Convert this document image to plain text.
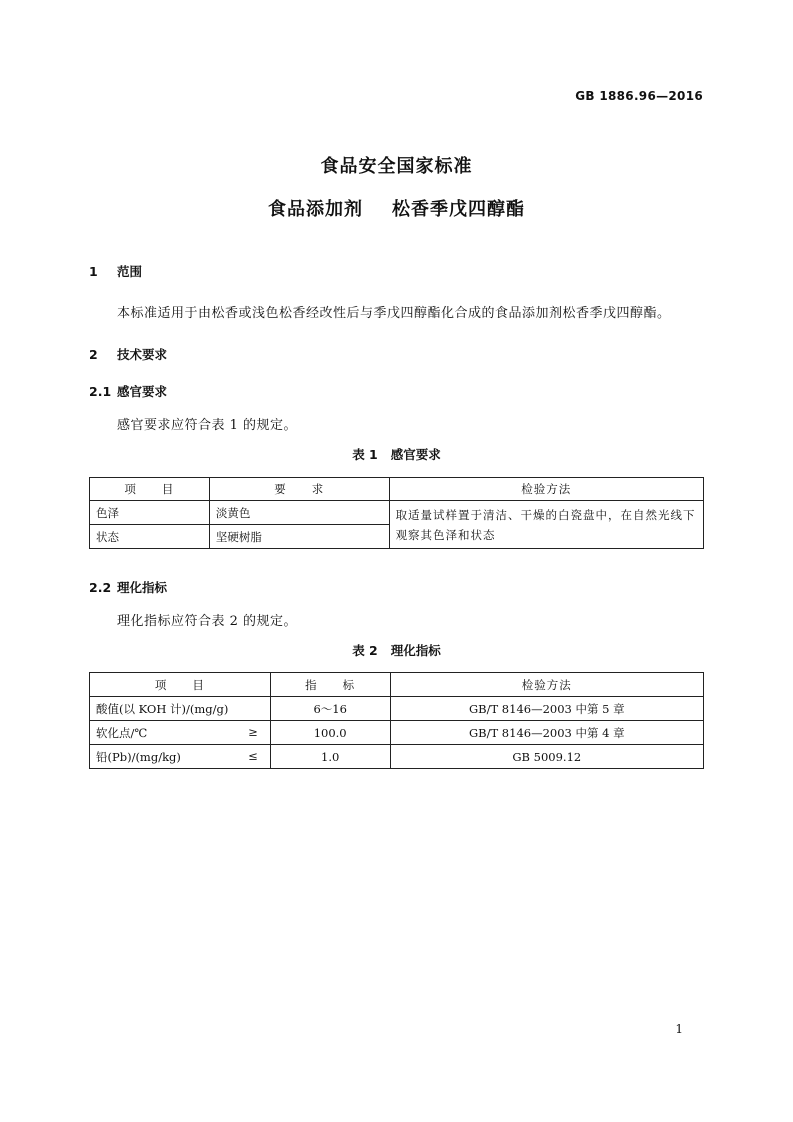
GB 1886.96—2016
食品安全国家标准
食品添加剂    松香季戊四醇酯
1 范围
本标准适用于由松香或浅色松香经改性后与季戊四醇酯化合成的食品添加剂松香季戊四醇酯。
2 技术要求
2.1 感官要求
感官要求应符合表 1 的规定。
表 1   感官要求
项　　目	要　　求	检验方法
色泽	淡黄色	取适量试样置于清洁、干燥的白瓷盘中，在自然光线下观察其色泽和状态
状态	坚硬树脂	
2.2 理化指标
理化指标应符合表 2 的规定。
表 2   理化指标
项　　目	指　　标	检验方法
酸值(以 KOH 计)/(mg/g)	6～16	GB/T 8146—2003 中第 5 章
软化点/℃ ≥	100.0	GB/T 8146—2003 中第 4 章
铅(Pb)/(mg/kg) ≤	1.0	GB 5009.12
1
